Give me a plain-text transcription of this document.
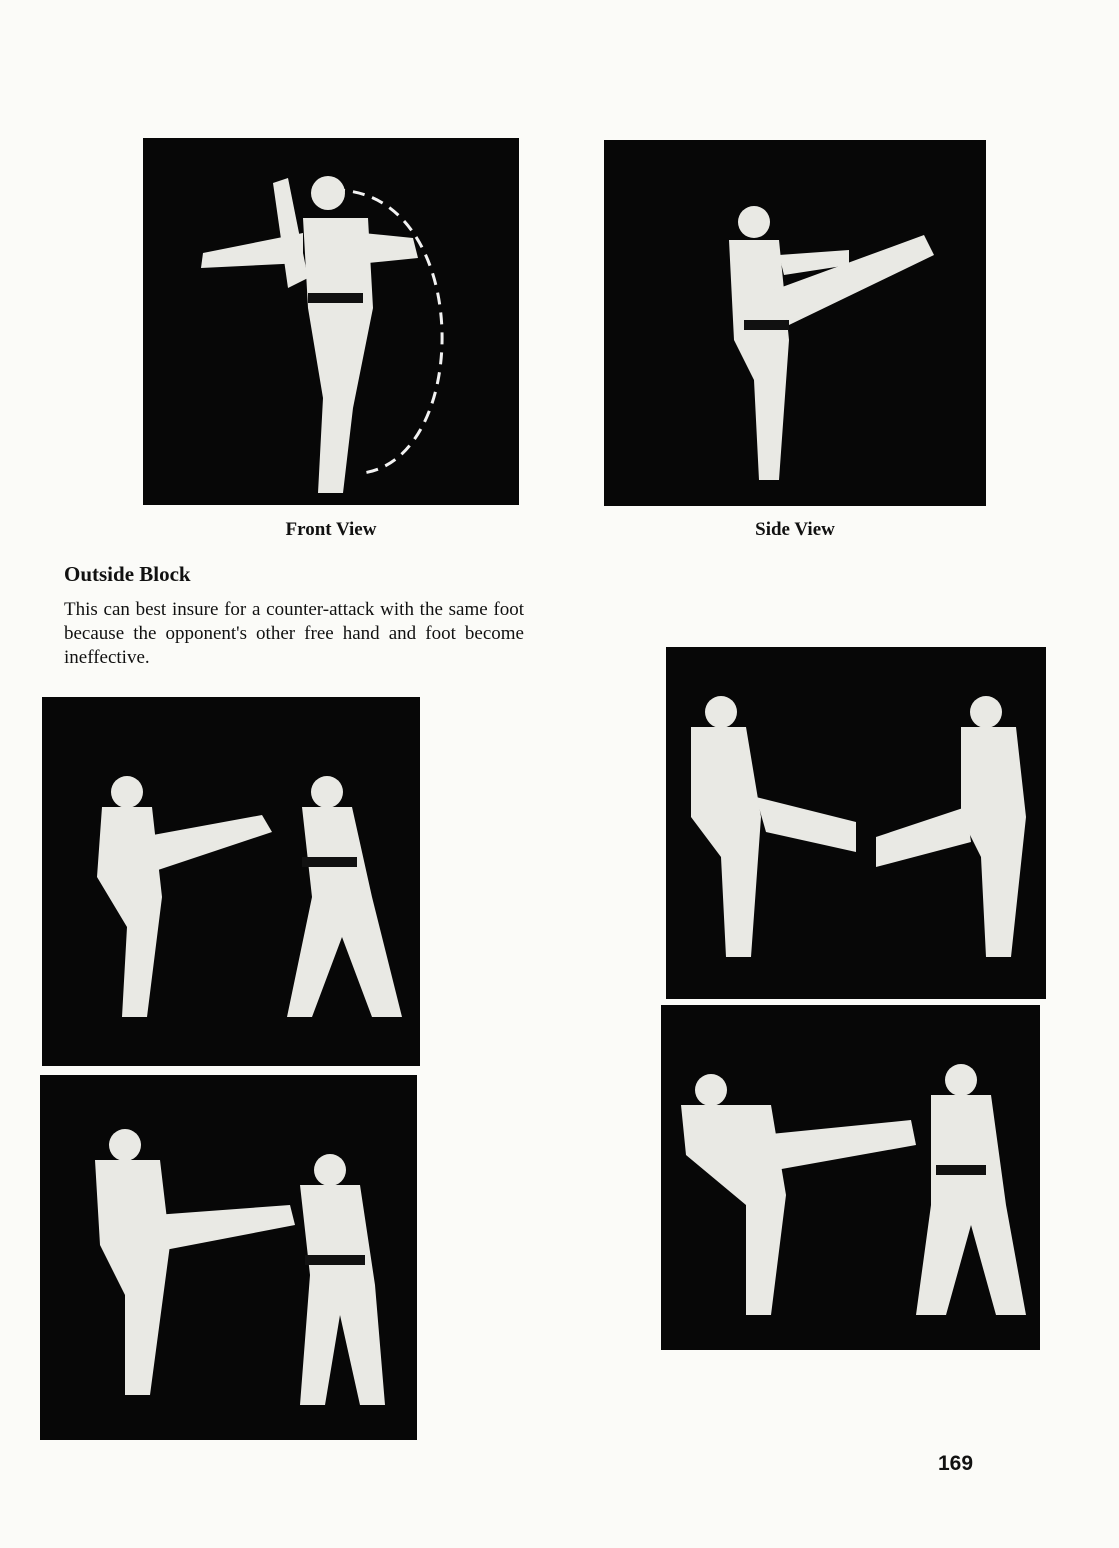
Front View	Side View
Outside Block
This can best insure for a counter-attack with the same foot because the opponent's other free hand and foot become ineffective.
169
